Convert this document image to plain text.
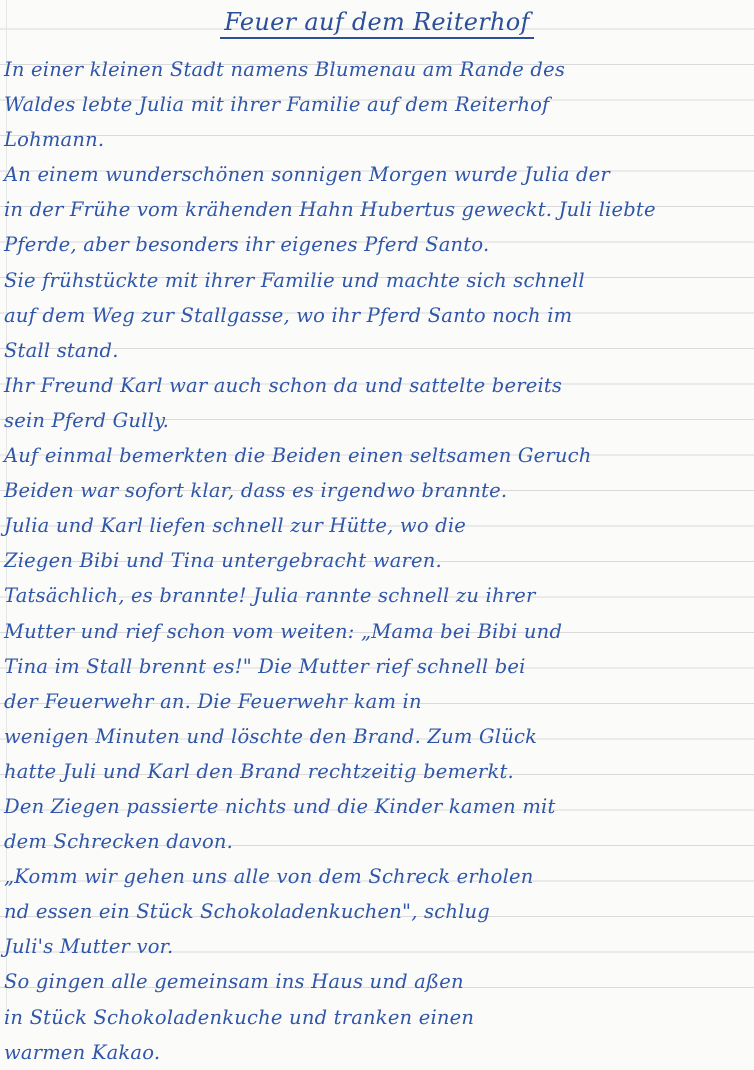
Feuer auf dem Reiterhof
In einer kleinen Stadt namens Blumenau am Rande des
Waldes lebte Julia mit ihrer Familie auf dem Reiterhof
Lohmann.
An einem wunderschönen sonnigen Morgen wurde Julia der
in der Frühe vom krähenden Hahn Hubertus geweckt. Juli liebte
Pferde, aber besonders ihr eigenes Pferd Santo.
Sie frühstückte mit ihrer Familie und machte sich schnell
auf dem Weg zur Stallgasse, wo ihr Pferd Santo noch im
Stall stand.
Ihr Freund Karl war auch schon da und sattelte bereits
sein Pferd Gully.
Auf einmal bemerkten die Beiden einen seltsamen Geruch
Beiden war sofort klar, dass es irgendwo brannte.
Julia und Karl liefen schnell zur Hütte, wo die
Ziegen Bibi und Tina untergebracht waren.
Tatsächlich, es brannte! Julia rannte schnell zu ihrer
Mutter und rief schon vom weiten: „Mama bei Bibi und
Tina im Stall brennt es!" Die Mutter rief schnell bei
der Feuerwehr an. Die Feuerwehr kam in
wenigen Minuten und löschte den Brand. Zum Glück
hatte Juli und Karl den Brand rechtzeitig bemerkt.
Den Ziegen passierte nichts und die Kinder kamen mit
dem Schrecken davon.
„Komm wir gehen uns alle von dem Schreck erholen
nd essen ein Stück Schokoladenkuchen", schlug
Juli's Mutter vor.
So gingen alle gemeinsam ins Haus und aßen
in Stück Schokoladenkuche und tranken einen
warmen Kakao.
